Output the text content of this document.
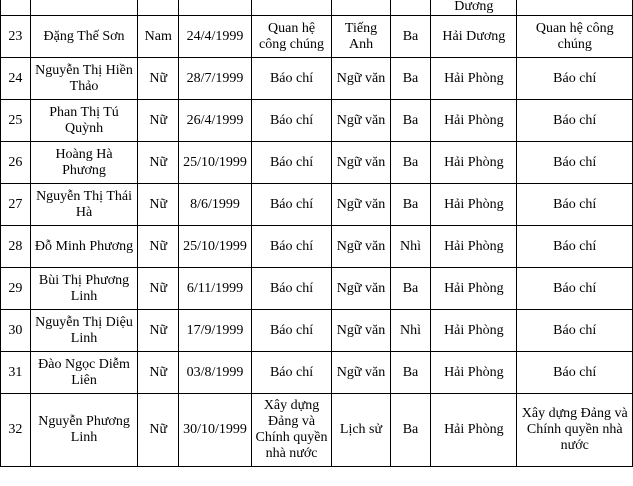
							Dương	
23	Đặng Thế Sơn	Nam	24/4/1999	Quan hệ công chúng	Tiếng Anh	Ba	Hải Dương	Quan hệ công chúng
24	Nguyễn Thị Hiền Thảo	Nữ	28/7/1999	Báo chí	Ngữ văn	Ba	Hải Phòng	Báo chí
25	Phan Thị Tú Quỳnh	Nữ	26/4/1999	Báo chí	Ngữ văn	Ba	Hải Phòng	Báo chí
26	Hoàng Hà Phương	Nữ	25/10/1999	Báo chí	Ngữ văn	Ba	Hải Phòng	Báo chí
27	Nguyễn Thị Thái Hà	Nữ	8/6/1999	Báo chí	Ngữ văn	Ba	Hải Phòng	Báo chí
28	Đỗ Minh Phương	Nữ	25/10/1999	Báo chí	Ngữ văn	Nhì	Hải Phòng	Báo chí
29	Bùi Thị Phương Linh	Nữ	6/11/1999	Báo chí	Ngữ văn	Ba	Hải Phòng	Báo chí
30	Nguyễn Thị Diệu Linh	Nữ	17/9/1999	Báo chí	Ngữ văn	Nhì	Hải Phòng	Báo chí
31	Đào Ngọc Diễm Liên	Nữ	03/8/1999	Báo chí	Ngữ văn	Ba	Hải Phòng	Báo chí
32	Nguyễn Phương Linh	Nữ	30/10/1999	Xây dựng Đảng và Chính quyền nhà nước	Lịch sử	Ba	Hải Phòng	Xây dựng Đảng và Chính quyền nhà nước
